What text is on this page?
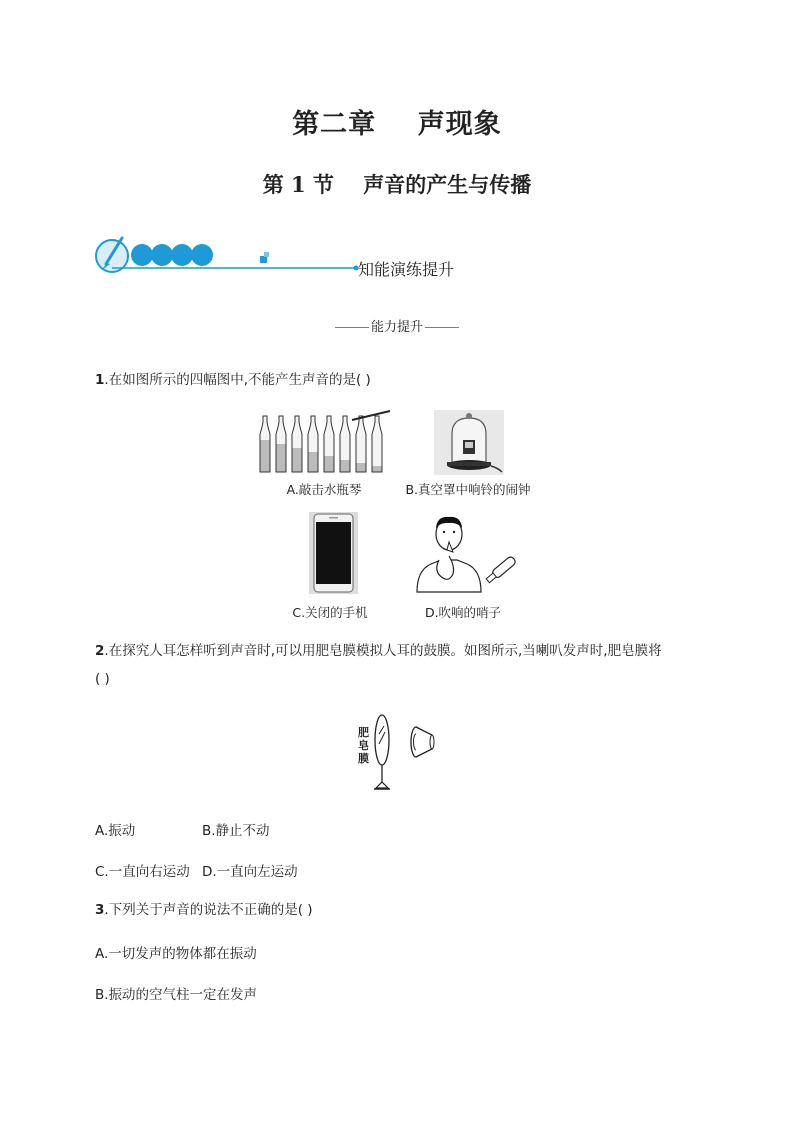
第二章    声现象
第 1 节    声音的产生与传播
知能演练提升
能力提升
1.在如图所示的四幅图中,不能产生声音的是( )
A.敲击水瓶琴	B.真空罩中响铃的闹钟
C.关闭的手机	D.吹响的哨子
2.在探究人耳怎样听到声音时,可以用肥皂膜模拟人耳的鼓膜。如图所示,当喇叭发声时,肥皂膜将
( )
肥皂膜
A.振动	B.静止不动
C.一直向右运动 D.一直向左运动
3.下列关于声音的说法不正确的是( )
A.一切发声的物体都在振动
B.振动的空气柱一定在发声
